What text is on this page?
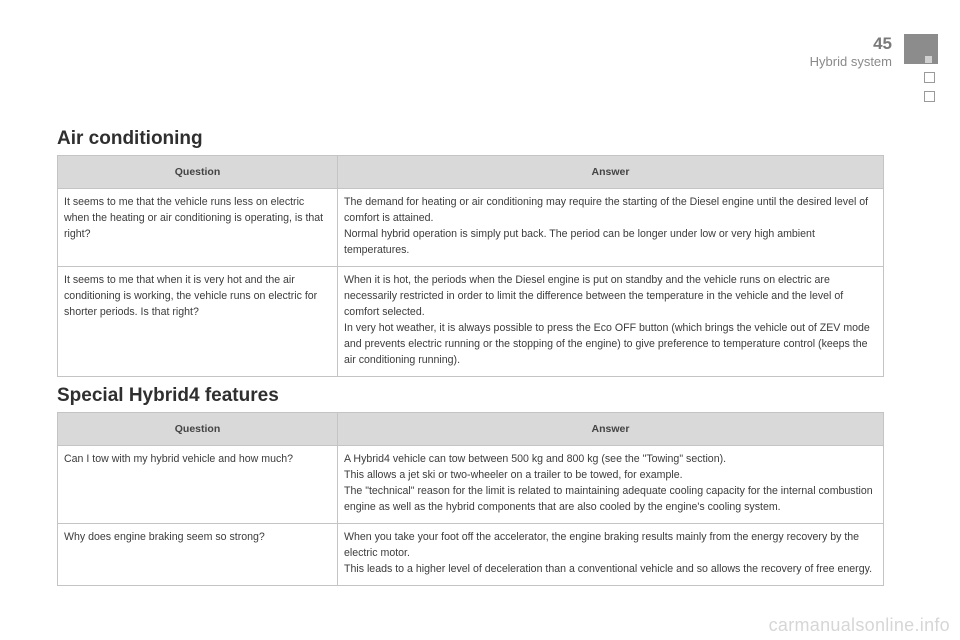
45
Hybrid system
Air conditioning
Question	Answer
It seems to me that the vehicle runs less on electric when the heating or air conditioning is operating, is that right?	The demand for heating or air conditioning may require the starting of the Diesel engine until the desired level of comfort is attained.
Normal hybrid operation is simply put back. The period can be longer under low or very high ambient temperatures.

It seems to me that when it is very hot and the air conditioning is working, the vehicle runs on electric for shorter periods. Is that right?	When it is hot, the periods when the Diesel engine is put on standby and the vehicle runs on electric are necessarily restricted in order to limit the difference between the temperature in the vehicle and the level of comfort selected.
In very hot weather, it is always possible to press the Eco OFF button (which brings the vehicle out of ZEV mode and prevents electric running or the stopping of the engine) to give preference to temperature control (keeps the air conditioning running).
Special Hybrid4 features
Question	Answer
Can I tow with my hybrid vehicle and how much?	A Hybrid4 vehicle can tow between 500 kg and 800 kg (see the "Towing" section).
This allows a jet ski or two-wheeler on a trailer to be towed, for example.
The "technical" reason for the limit is related to maintaining adequate cooling capacity for the internal combustion engine as well as the hybrid components that are also cooled by the engine's cooling system.

Why does engine braking seem so strong?	When you take your foot off the accelerator, the engine braking results mainly from the energy recovery by the electric motor.
This leads to a higher level of deceleration than a conventional vehicle and so allows the recovery of free energy.
carmanualsonline.info
